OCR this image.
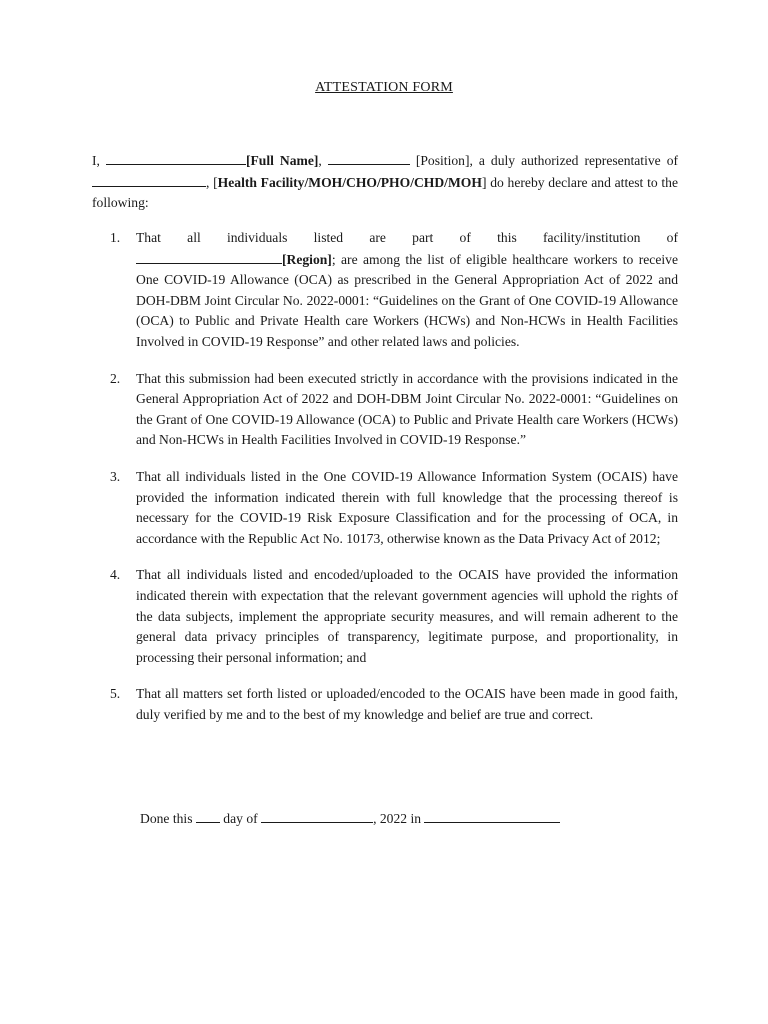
ATTESTATION FORM
I,	[Full Name],	[Position], a duly authorized representative of , [Health Facility/MOH/CHO/PHO/CHD/MOH] do hereby declare and attest to the following:
1. That all individuals listed are part of this facility/institution of
[Region]; are among the list of eligible healthcare workers to receive One COVID-19 Allowance (OCA) as prescribed in the General Appropriation Act of 2022 and DOH-DBM Joint Circular No. 2022-0001: “Guidelines on the Grant of One COVID-19 Allowance (OCA) to Public and Private Health care Workers (HCWs) and Non-HCWs in Health Facilities Involved in COVID-19 Response” and other related laws and policies.
2. That this submission had been executed strictly in accordance with the provisions indicated in the General Appropriation Act of 2022 and DOH-DBM Joint Circular No. 2022-0001: “Guidelines on the Grant of One COVID-19 Allowance (OCA) to Public and Private Health care Workers (HCWs) and Non-HCWs in Health Facilities Involved in COVID-19 Response.”
3. That all individuals listed in the One COVID-19 Allowance Information System (OCAIS) have provided the information indicated therein with full knowledge that the processing thereof is necessary for the COVID-19 Risk Exposure Classification and for the processing of OCA, in accordance with the Republic Act No. 10173, otherwise known as the Data Privacy Act of 2012;
4. That all individuals listed and encoded/uploaded to the OCAIS have provided the information indicated therein with expectation that the relevant government agencies will uphold the rights of the data subjects, implement the appropriate security measures, and will remain adherent to the general data privacy principles of transparency, legitimate purpose, and proportionality, in processing their personal information; and
5. That all matters set forth listed or uploaded/encoded to the OCAIS have been made in good faith, duly verified by me and to the best of my knowledge and belief are true and correct.
Done this day of	, 2022 in
